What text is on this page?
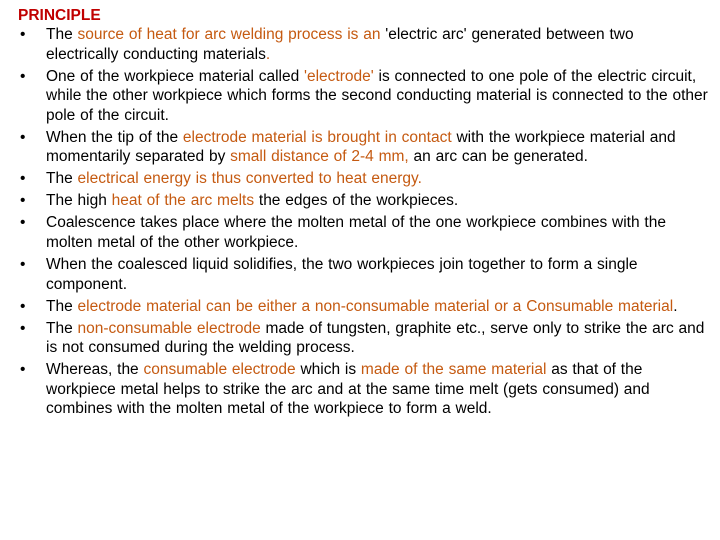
PRINCIPLE
• The source of heat for arc welding process is an 'electric arc' generated between two electrically conducting materials.
• One of the workpiece material called 'electrode' is connected to one pole of the electric circuit, while the other workpiece which forms the second conducting material is connected to the other pole of the circuit.
• When the tip of the electrode material is brought in contact with the workpiece material and momentarily separated by small distance of 2-4 mm, an arc can be generated.
• The electrical energy is thus converted to heat energy.
• The high heat of the arc melts the edges of the workpieces.
• Coalescence takes place where the molten metal of the one workpiece combines with the molten metal of the other workpiece.
• When the coalesced liquid solidifies, the two workpieces join together to form a single component.
• The electrode material can be either a non-consumable material or a Consumable material.
• The non-consumable electrode made of tungsten, graphite etc., serve only to strike the arc and is not consumed during the welding process.
• Whereas, the consumable electrode which is made of the same material as that of the workpiece metal helps to strike the arc and at the same time melt (gets consumed) and combines with the molten metal of the workpiece to form a weld.
